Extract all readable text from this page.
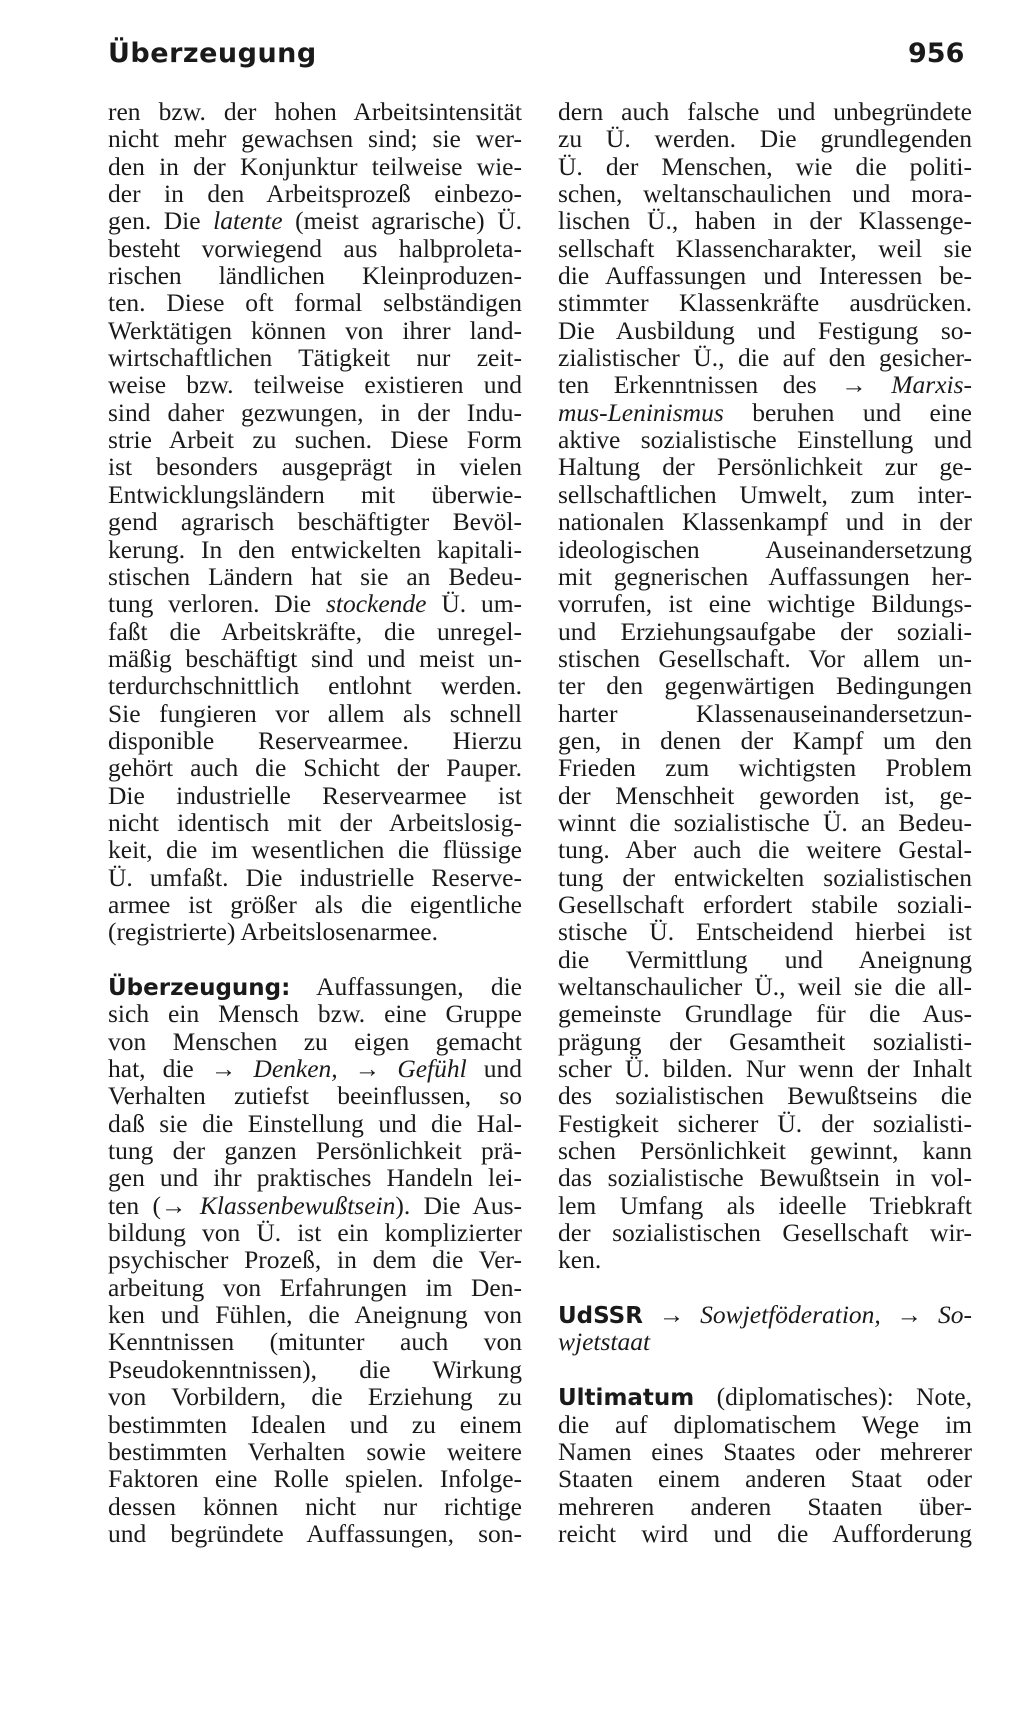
Überzeugung	956
ren bzw. der hohen Arbeitsintensität
nicht mehr gewachsen sind; sie wer-
den in der Konjunktur teilweise wie-
der in den Arbeitsprozeß einbezo-
gen. Die latente (meist agrarische) Ü.
besteht vorwiegend aus halbproleta-
rischen ländlichen Kleinproduzen-
ten. Diese oft formal selbständigen
Werktätigen können von ihrer land-
wirtschaftlichen Tätigkeit nur zeit-
weise bzw. teilweise existieren und
sind daher gezwungen, in der Indu-
strie Arbeit zu suchen. Diese Form
ist besonders ausgeprägt in vielen
Entwicklungsländern mit überwie-
gend agrarisch beschäftigter Bevöl-
kerung. In den entwickelten kapitali-
stischen Ländern hat sie an Bedeu-
tung verloren. Die stockende Ü. um-
faßt die Arbeitskräfte, die unregel-
mäßig beschäftigt sind und meist un-
terdurchschnittlich entlohnt werden.
Sie fungieren vor allem als schnell
disponible Reservearmee. Hierzu
gehört auch die Schicht der Pauper.
Die industrielle Reservearmee ist
nicht identisch mit der Arbeitslosig-
keit, die im wesentlichen die flüssige
Ü. umfaßt. Die industrielle Reserve-
armee ist größer als die eigentliche
(registrierte) Arbeitslosenarmee.
Überzeugung: Auffassungen, die
sich ein Mensch bzw. eine Gruppe
von Menschen zu eigen gemacht
hat, die → Denken, → Gefühl und
Verhalten zutiefst beeinflussen, so
daß sie die Einstellung und die Hal-
tung der ganzen Persönlichkeit prä-
gen und ihr praktisches Handeln lei-
ten (→ Klassenbewußtsein). Die Aus-
bildung von Ü. ist ein komplizierter
psychischer Prozeß, in dem die Ver-
arbeitung von Erfahrungen im Den-
ken und Fühlen, die Aneignung von
Kenntnissen (mitunter auch von
Pseudokenntnissen), die Wirkung
von Vorbildern, die Erziehung zu
bestimmten Idealen und zu einem
bestimmten Verhalten sowie weitere
Faktoren eine Rolle spielen. Infolge-
dessen können nicht nur richtige
und begründete Auffassungen, son-
dern auch falsche und unbegründete
zu Ü. werden. Die grundlegenden
Ü. der Menschen, wie die politi-
schen, weltanschaulichen und mora-
lischen Ü., haben in der Klassenge-
sellschaft Klassencharakter, weil sie
die Auffassungen und Interessen be-
stimmter Klassenkräfte ausdrücken.
Die Ausbildung und Festigung so-
zialistischer Ü., die auf den gesicher-
ten Erkenntnissen des → Marxis-
mus-Leninismus beruhen und eine
aktive sozialistische Einstellung und
Haltung der Persönlichkeit zur ge-
sellschaftlichen Umwelt, zum inter-
nationalen Klassenkampf und in der
ideologischen Auseinandersetzung
mit gegnerischen Auffassungen her-
vorrufen, ist eine wichtige Bildungs-
und Erziehungsaufgabe der soziali-
stischen Gesellschaft. Vor allem un-
ter den gegenwärtigen Bedingungen
harter Klassenauseinandersetzun-
gen, in denen der Kampf um den
Frieden zum wichtigsten Problem
der Menschheit geworden ist, ge-
winnt die sozialistische Ü. an Bedeu-
tung. Aber auch die weitere Gestal-
tung der entwickelten sozialistischen
Gesellschaft erfordert stabile soziali-
stische Ü. Entscheidend hierbei ist
die Vermittlung und Aneignung
weltanschaulicher Ü., weil sie die all-
gemeinste Grundlage für die Aus-
prägung der Gesamtheit sozialisti-
scher Ü. bilden. Nur wenn der Inhalt
des sozialistischen Bewußtseins die
Festigkeit sicherer Ü. der sozialisti-
schen Persönlichkeit gewinnt, kann
das sozialistische Bewußtsein in vol-
lem Umfang als ideelle Triebkraft
der sozialistischen Gesellschaft wir-
ken.
UdSSR → Sowjetföderation, → So-
wjetstaat
Ultimatum (diplomatisches): Note,
die auf diplomatischem Wege im
Namen eines Staates oder mehrerer
Staaten einem anderen Staat oder
mehreren anderen Staaten über-
reicht wird und die Aufforderung
